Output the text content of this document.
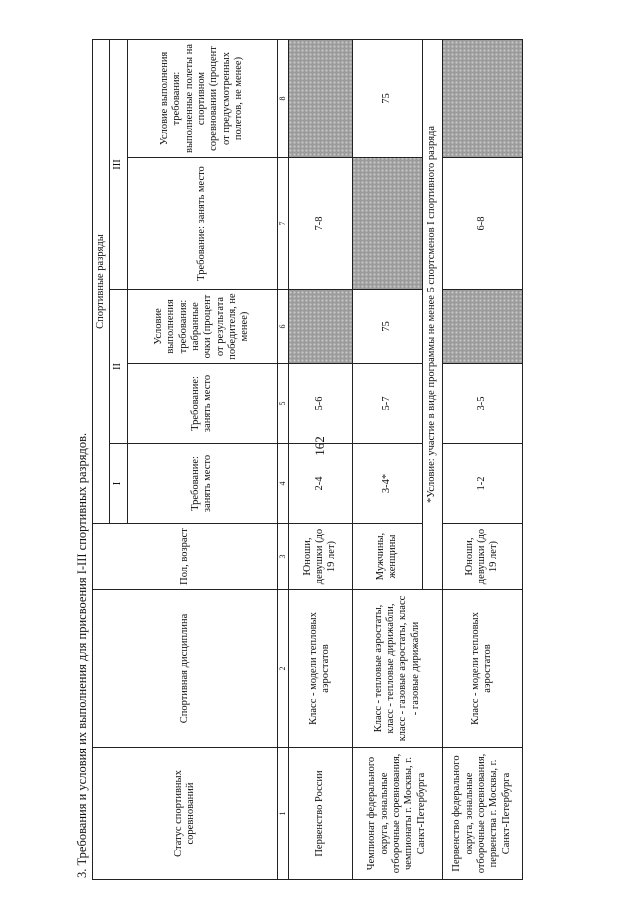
162
3. Требования и условия их выполнения для присвоения I-III спортивных разрядов.	Статус спортивных соревнований	Спортивная дисциплина	Пол, возраст	Спортивные разряды				
			I	II		III	
			Требование: занять место	Требование: занять место	Условие выполнения требования: набранные очки (процент от результата победителя, не менее)	Требование: занять место	Условие выполнения требования: выполненные полеты на спортивном соревновании (процент от предусмотренных полетов, не менее)
1	2	3	4	5	6	7	8
Первенство России	Класс - модели тепловых аэростатов	Юноши, девушки (до 19 лет)	2-4	5-6		7-8	
Чемпионат федерального округа, зональные отборочные соревнования, чемпионаты г. Москвы, г. Санкт-Петербурга	Класс - тепловые аэростаты, класс - тепловые дирижабли, класс - газовые аэростаты, класс - газовые дирижабли	Мужчины, женщины	3-4*	5-7	75		75
		*Условие: участие в виде программы не менее 5 спортсменов I спортивного разряда					
Первенство федерального округа, зональные отборочные соревнования, первенства г. Москвы, г. Санкт-Петербурга	Класс - модели тепловых аэростатов	Юноши, девушки (до 19 лет)	1-2	3-5		6-8	
